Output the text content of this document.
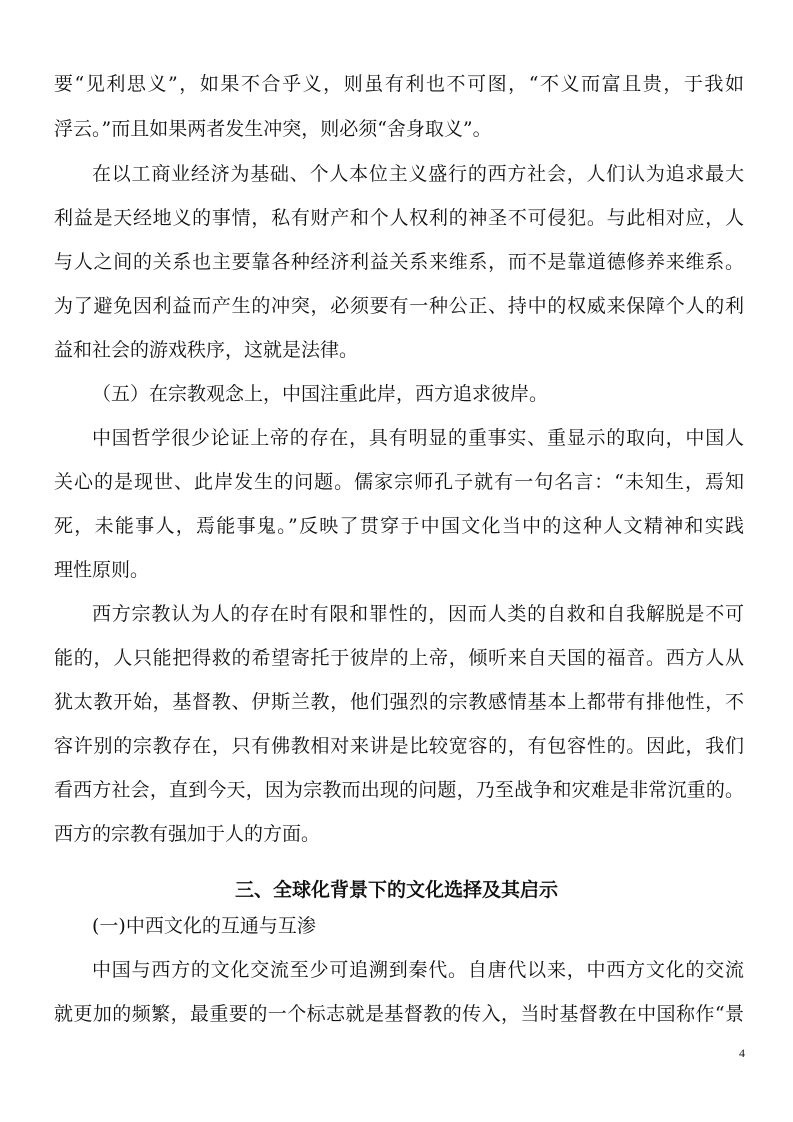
要“见利思义”，如果不合乎义，则虽有利也不可图，“不义而富且贵，于我如
浮云。”而且如果两者发生冲突，则必须“舍身取义”。
在以工商业经济为基础、个人本位主义盛行的西方社会，人们认为追求最大
利益是天经地义的事情，私有财产和个人权利的神圣不可侵犯。与此相对应，人
与人之间的关系也主要靠各种经济利益关系来维系，而不是靠道德修养来维系。
为了避免因利益而产生的冲突，必须要有一种公正、持中的权威来保障个人的利
益和社会的游戏秩序，这就是法律。
（五）在宗教观念上，中国注重此岸，西方追求彼岸。
中国哲学很少论证上帝的存在，具有明显的重事实、重显示的取向，中国人
关心的是现世、此岸发生的问题。儒家宗师孔子就有一句名言：“未知生，焉知
死，未能事人，焉能事鬼。”反映了贯穿于中国文化当中的这种人文精神和实践
理性原则。
西方宗教认为人的存在时有限和罪性的，因而人类的自救和自我解脱是不可
能的，人只能把得救的希望寄托于彼岸的上帝，倾听来自天国的福音。西方人从
犹太教开始，基督教、伊斯兰教，他们强烈的宗教感情基本上都带有排他性，不
容许别的宗教存在，只有佛教相对来讲是比较宽容的，有包容性的。因此，我们
看西方社会，直到今天，因为宗教而出现的问题，乃至战争和灾难是非常沉重的。
西方的宗教有强加于人的方面。
三、全球化背景下的文化选择及其启示
(一)中西文化的互通与互渗
中国与西方的文化交流至少可追溯到秦代。自唐代以来，中西方文化的交流
就更加的频繁，最重要的一个标志就是基督教的传入，当时基督教在中国称作“景
4
